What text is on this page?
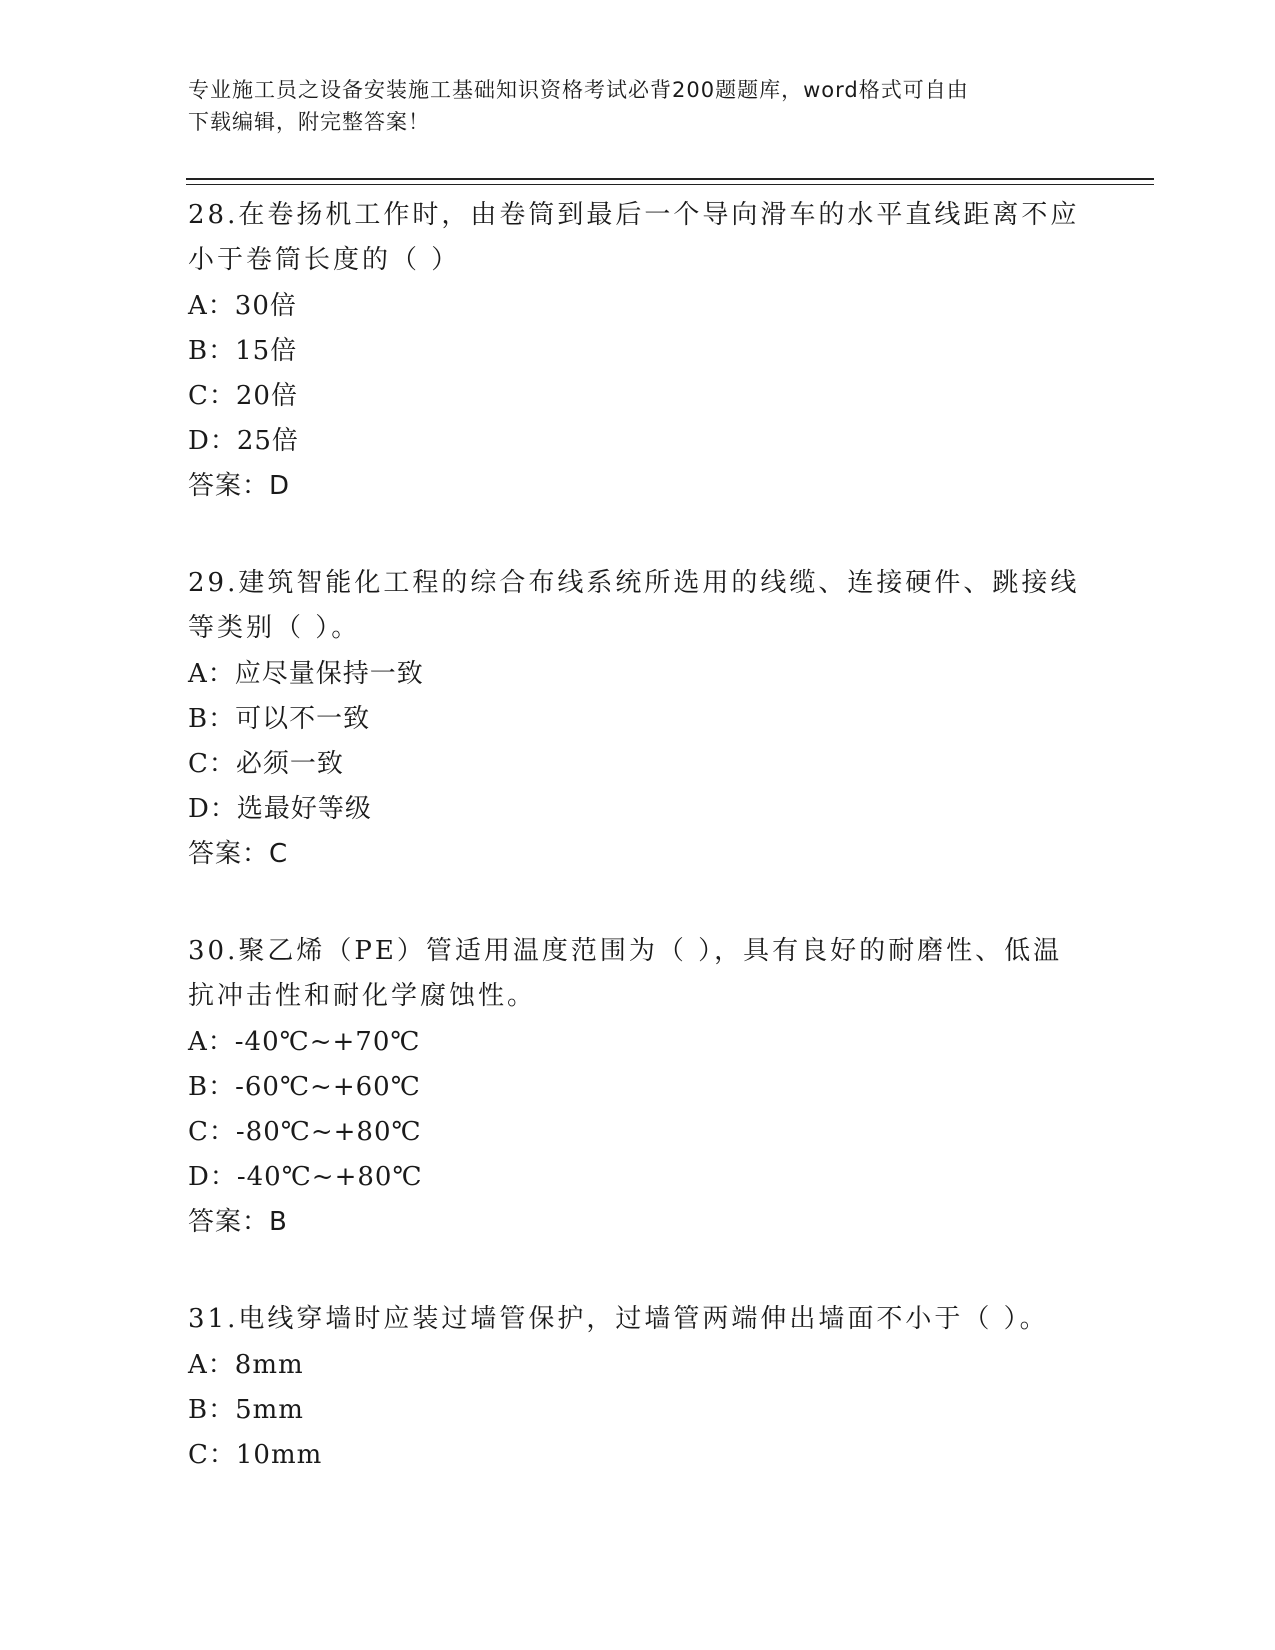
专业施工员之设备安装施工基础知识资格考试必背200题题库，word格式可自由
下载编辑，附完整答案！
28.在卷扬机工作时，由卷筒到最后一个导向滑车的水平直线距离不应小于卷筒长度的（ ）
A：30倍
B：15倍
C：20倍
D：25倍
答案：D
29.建筑智能化工程的综合布线系统所选用的线缆、连接硬件、跳接线等类别（ ）。
A：应尽量保持一致
B：可以不一致
C：必须一致
D：选最好等级
答案：C
30.聚乙烯（PE）管适用温度范围为（ ），具有良好的耐磨性、低温抗冲击性和耐化学腐蚀性。
A：-40℃~+70℃
B：-60℃~+60℃
C：-80℃~+80℃
D：-40℃~+80℃
答案：B
31.电线穿墙时应装过墙管保护，过墙管两端伸出墙面不小于（ ）。
A：8mm
B：5mm
C：10mm
